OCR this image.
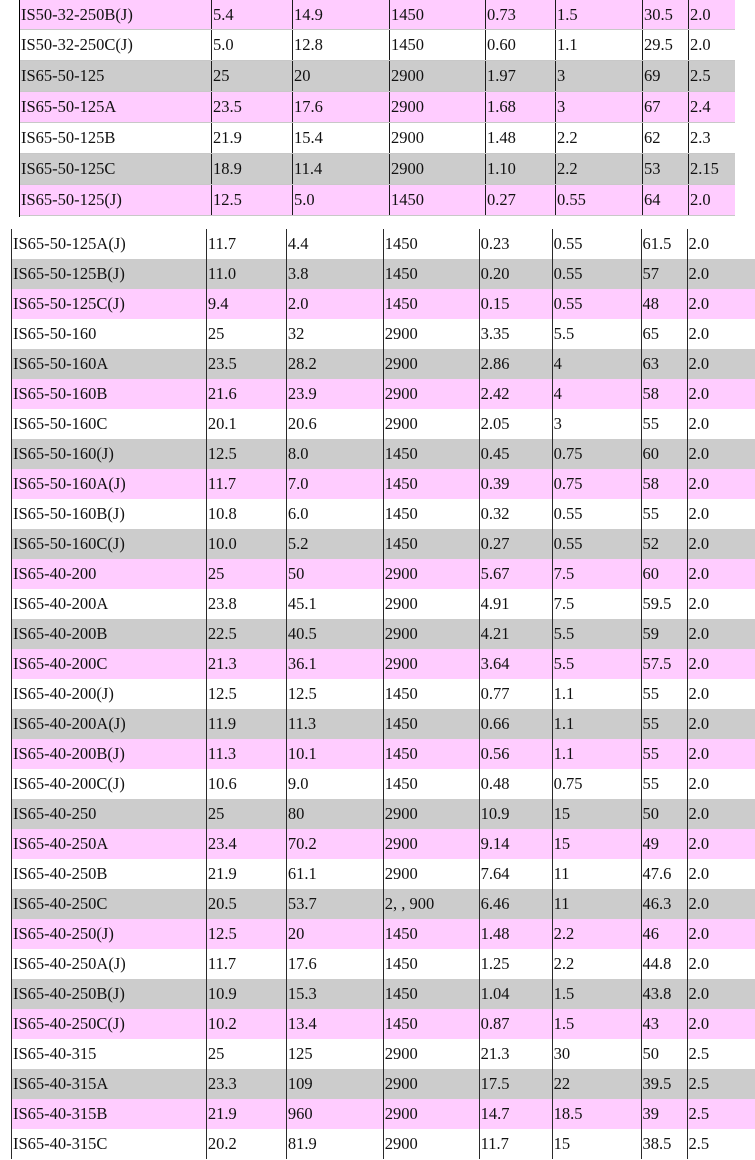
IS50-32-250B(J)	5.4	14.9	1450	0.73	1.5	30.5	2.0
IS50-32-250C(J)	5.0	12.8	1450	0.60	1.1	29.5	2.0
IS65-50-125	25	20	2900	1.97	3	69	2.5
IS65-50-125A	23.5	17.6	2900	1.68	3	67	2.4
IS65-50-125B	21.9	15.4	2900	1.48	2.2	62	2.3
IS65-50-125C	18.9	11.4	2900	1.10	2.2	53	2.15
IS65-50-125(J)	12.5	5.0	1450	0.27	0.55	64	2.0
IS65-50-125A(J)	11.7	4.4	1450	0.23	0.55	61.5	2.0
IS65-50-125B(J)	11.0	3.8	1450	0.20	0.55	57	2.0
IS65-50-125C(J)	9.4	2.0	1450	0.15	0.55	48	2.0
IS65-50-160	25	32	2900	3.35	5.5	65	2.0
IS65-50-160A	23.5	28.2	2900	2.86	4	63	2.0
IS65-50-160B	21.6	23.9	2900	2.42	4	58	2.0
IS65-50-160C	20.1	20.6	2900	2.05	3	55	2.0
IS65-50-160(J)	12.5	8.0	1450	0.45	0.75	60	2.0
IS65-50-160A(J)	11.7	7.0	1450	0.39	0.75	58	2.0
IS65-50-160B(J)	10.8	6.0	1450	0.32	0.55	55	2.0
IS65-50-160C(J)	10.0	5.2	1450	0.27	0.55	52	2.0
IS65-40-200	25	50	2900	5.67	7.5	60	2.0
IS65-40-200A	23.8	45.1	2900	4.91	7.5	59.5	2.0
IS65-40-200B	22.5	40.5	2900	4.21	5.5	59	2.0
IS65-40-200C	21.3	36.1	2900	3.64	5.5	57.5	2.0
IS65-40-200(J)	12.5	12.5	1450	0.77	1.1	55	2.0
IS65-40-200A(J)	11.9	11.3	1450	0.66	1.1	55	2.0
IS65-40-200B(J)	11.3	10.1	1450	0.56	1.1	55	2.0
IS65-40-200C(J)	10.6	9.0	1450	0.48	0.75	55	2.0
IS65-40-250	25	80	2900	10.9	15	50	2.0
IS65-40-250A	23.4	70.2	2900	9.14	15	49	2.0
IS65-40-250B	21.9	61.1	2900	7.64	11	47.6	2.0
IS65-40-250C	20.5	53.7	2, , 900	6.46	11	46.3	2.0
IS65-40-250(J)	12.5	20	1450	1.48	2.2	46	2.0
IS65-40-250A(J)	11.7	17.6	1450	1.25	2.2	44.8	2.0
IS65-40-250B(J)	10.9	15.3	1450	1.04	1.5	43.8	2.0
IS65-40-250C(J)	10.2	13.4	1450	0.87	1.5	43	2.0
IS65-40-315	25	125	2900	21.3	30	50	2.5
IS65-40-315A	23.3	109	2900	17.5	22	39.5	2.5
IS65-40-315B	21.9	960	2900	14.7	18.5	39	2.5
IS65-40-315C	20.2	81.9	2900	11.7	15	38.5	2.5
